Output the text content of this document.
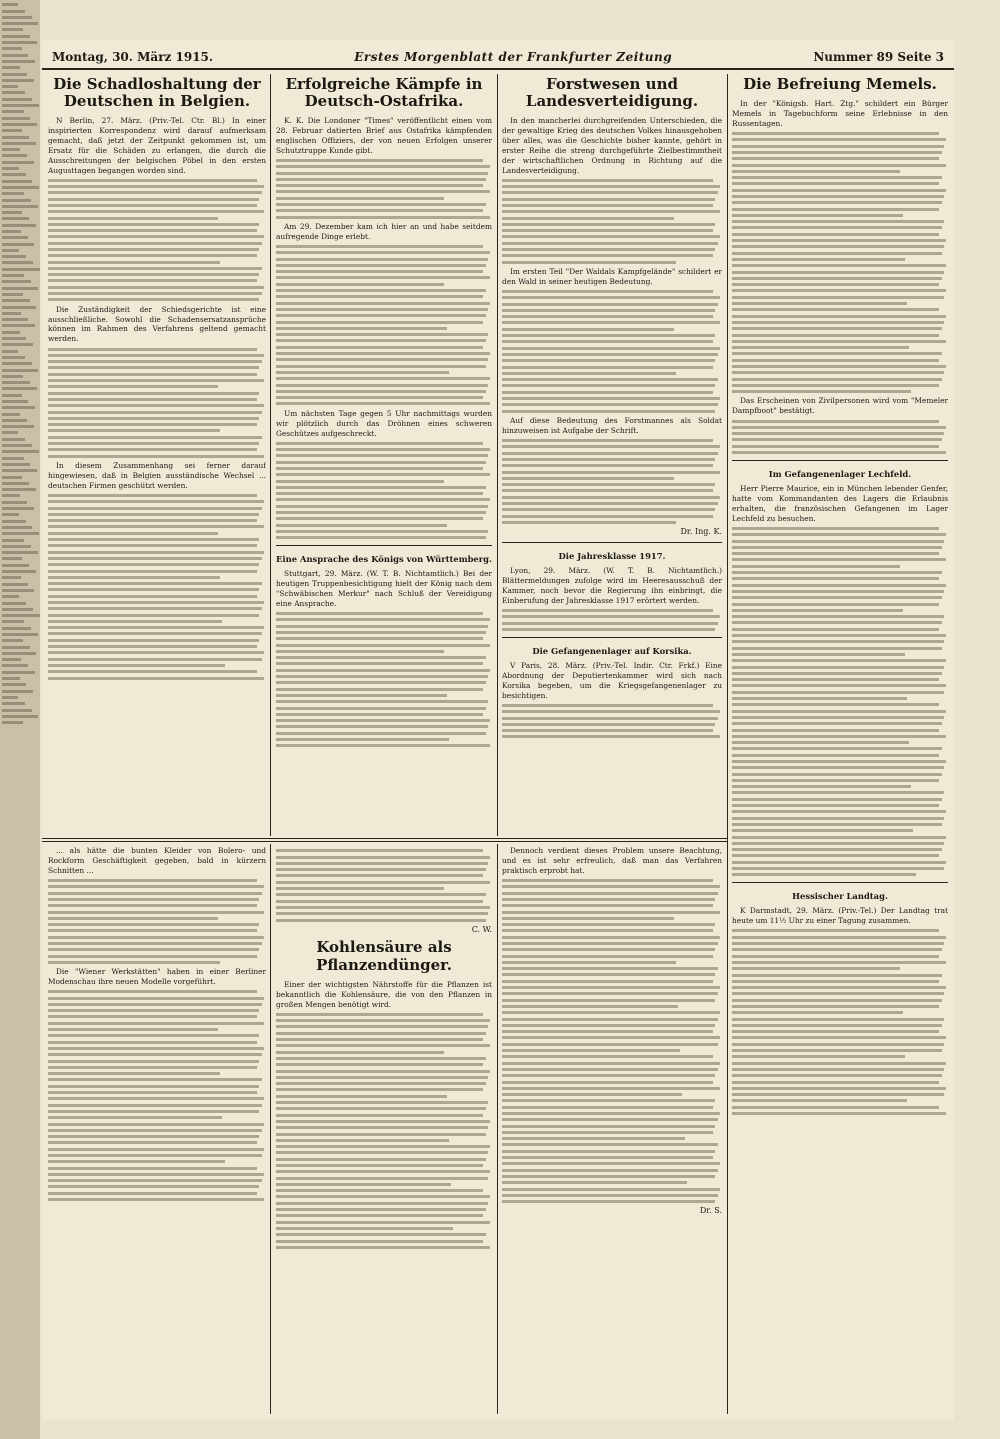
Montag, 30. März 1915.	Erstes Morgenblatt der Frankfurter Zeitung	Nummer 89 Seite 3
Die Schadloshaltung der Deutschen in Belgien.

N Berlin, 27. März. (Priv.-Tel. Ctr. Bl.) In einer inspirierten Korrespondenz wird darauf aufmerksam gemacht, daß jetzt der Zeitpunkt gekommen ist, um Ersatz für die Schäden zu erlangen, die durch die Ausschreitungen der belgischen Pöbel in den ersten Augusttagen begangen worden sind.

Die Zuständigkeit der Schiedsgerichte ist eine ausschließliche. Sowohl die Schadensersatzansprüche können im Rahmen des Verfahrens geltend gemacht werden.

In diesem Zusammenhang sei ferner darauf hingewiesen, daß in Belgien ausständische Wechsel ... deutschen Firmen geschützt werden.

Erfolgreiche Kämpfe in Deutsch-Ostafrika.

K. K. Die Londoner "Times" veröffentlicht einen vom 28. Februar datierten Brief aus Ostafrika kämpfenden englischen Offiziers, der von neuen Erfolgen unserer Schutztruppe Kunde gibt.

Am 29. Dezember kam ich hier an und habe seitdem aufregende Dinge erlebt.

Um nächsten Tage gegen 5 Uhr nachmittags wurden wir plötzlich durch das Dröhnen eines schweren Geschützes aufgeschreckt.

Eine Ansprache des Königs von Württemberg.

Stuttgart, 29. März. (W. T. B. Nichtamtlich.) Bei der heutigen Truppenbesichtigung hielt der König nach dem "Schwäbischen Merkur" nach Schluß der Vereidigung eine Ansprache.

Forstwesen und Landesverteidigung.

In den mancherlei durchgreifenden Unterschieden, die der gewaltige Krieg des deutschen Volkes hinausgehoben über alles, was die Geschichte bisher kannte, gehört in erster Reihe die streng durchgeführte Zielbestimmtheit der wirtschaftlichen Ordnung in Richtung auf die Landesverteidigung.

Im ersten Teil "Der Waldals Kampfgelände" schildert er den Wald in seiner heutigen Bedeutung.

Auf diese Bedeutung des Forstmannes als Soldat hinzuweisen ist Aufgabe der Schrift.

Dr. Ing. K.
Die Jahresklasse 1917.

Lyon, 29. März. (W. T. B. Nichtamtlich.) Blättermeldungen zufolge wird im Heeresausschuß der Kammer, noch bevor die Regierung ihn einbringt, die Einberufung der Jahresklasse 1917 erörtert werden.

Die Gefangenenlager auf Korsika.

V Paris, 28. März. (Priv.-Tel. Indir. Ctr. Frkf.) Eine Abordnung der Deputiertenkammer wird sich nach Korsika begeben, um die Kriegsgefangenenlager zu besichtigen.

Die Befreiung Memels.

In der "Königsb. Hart. Ztg." schildert ein Bürger Memels in Tagebuchform seine Erlebnisse in den Russentagen.

Das Erscheinen von Zivilpersonen wird vom "Memeler Dampfboot" bestätigt.

Im Gefangenenlager Lechfeld.

Herr Pierre Maurice, ein in München lebender Genfer, hatte vom Kommandanten des Lagers die Erlaubnis erhalten, die französischen Gefangenen im Lager Lechfeld zu besuchen.

Hessischer Landtag.

K Darmstadt, 29. März. (Priv.-Tel.) Der Landtag trat heute um 11½ Uhr zu einer Tagung zusammen.

... als hätte die bunten Kleider von Bolero- und Rockform Geschäftigkeit gegeben, bald in kürzern Schnitten ...

Die "Wiener Werkstätten" haben in einer Berliner Modenschau ihre neuen Modelle vorgeführt.

C. W.
Kohlensäure als Pflanzendünger.

Einer der wichtigsten Nährstoffe für die Pflanzen ist bekanntlich die Kohlensäure, die von den Pflanzen in großen Mengen benötigt wird.

Dennoch verdient dieses Problem unsere Beachtung, und es ist sehr erfreulich, daß man das Verfahren praktisch erprobt hat.

Dr. S.
